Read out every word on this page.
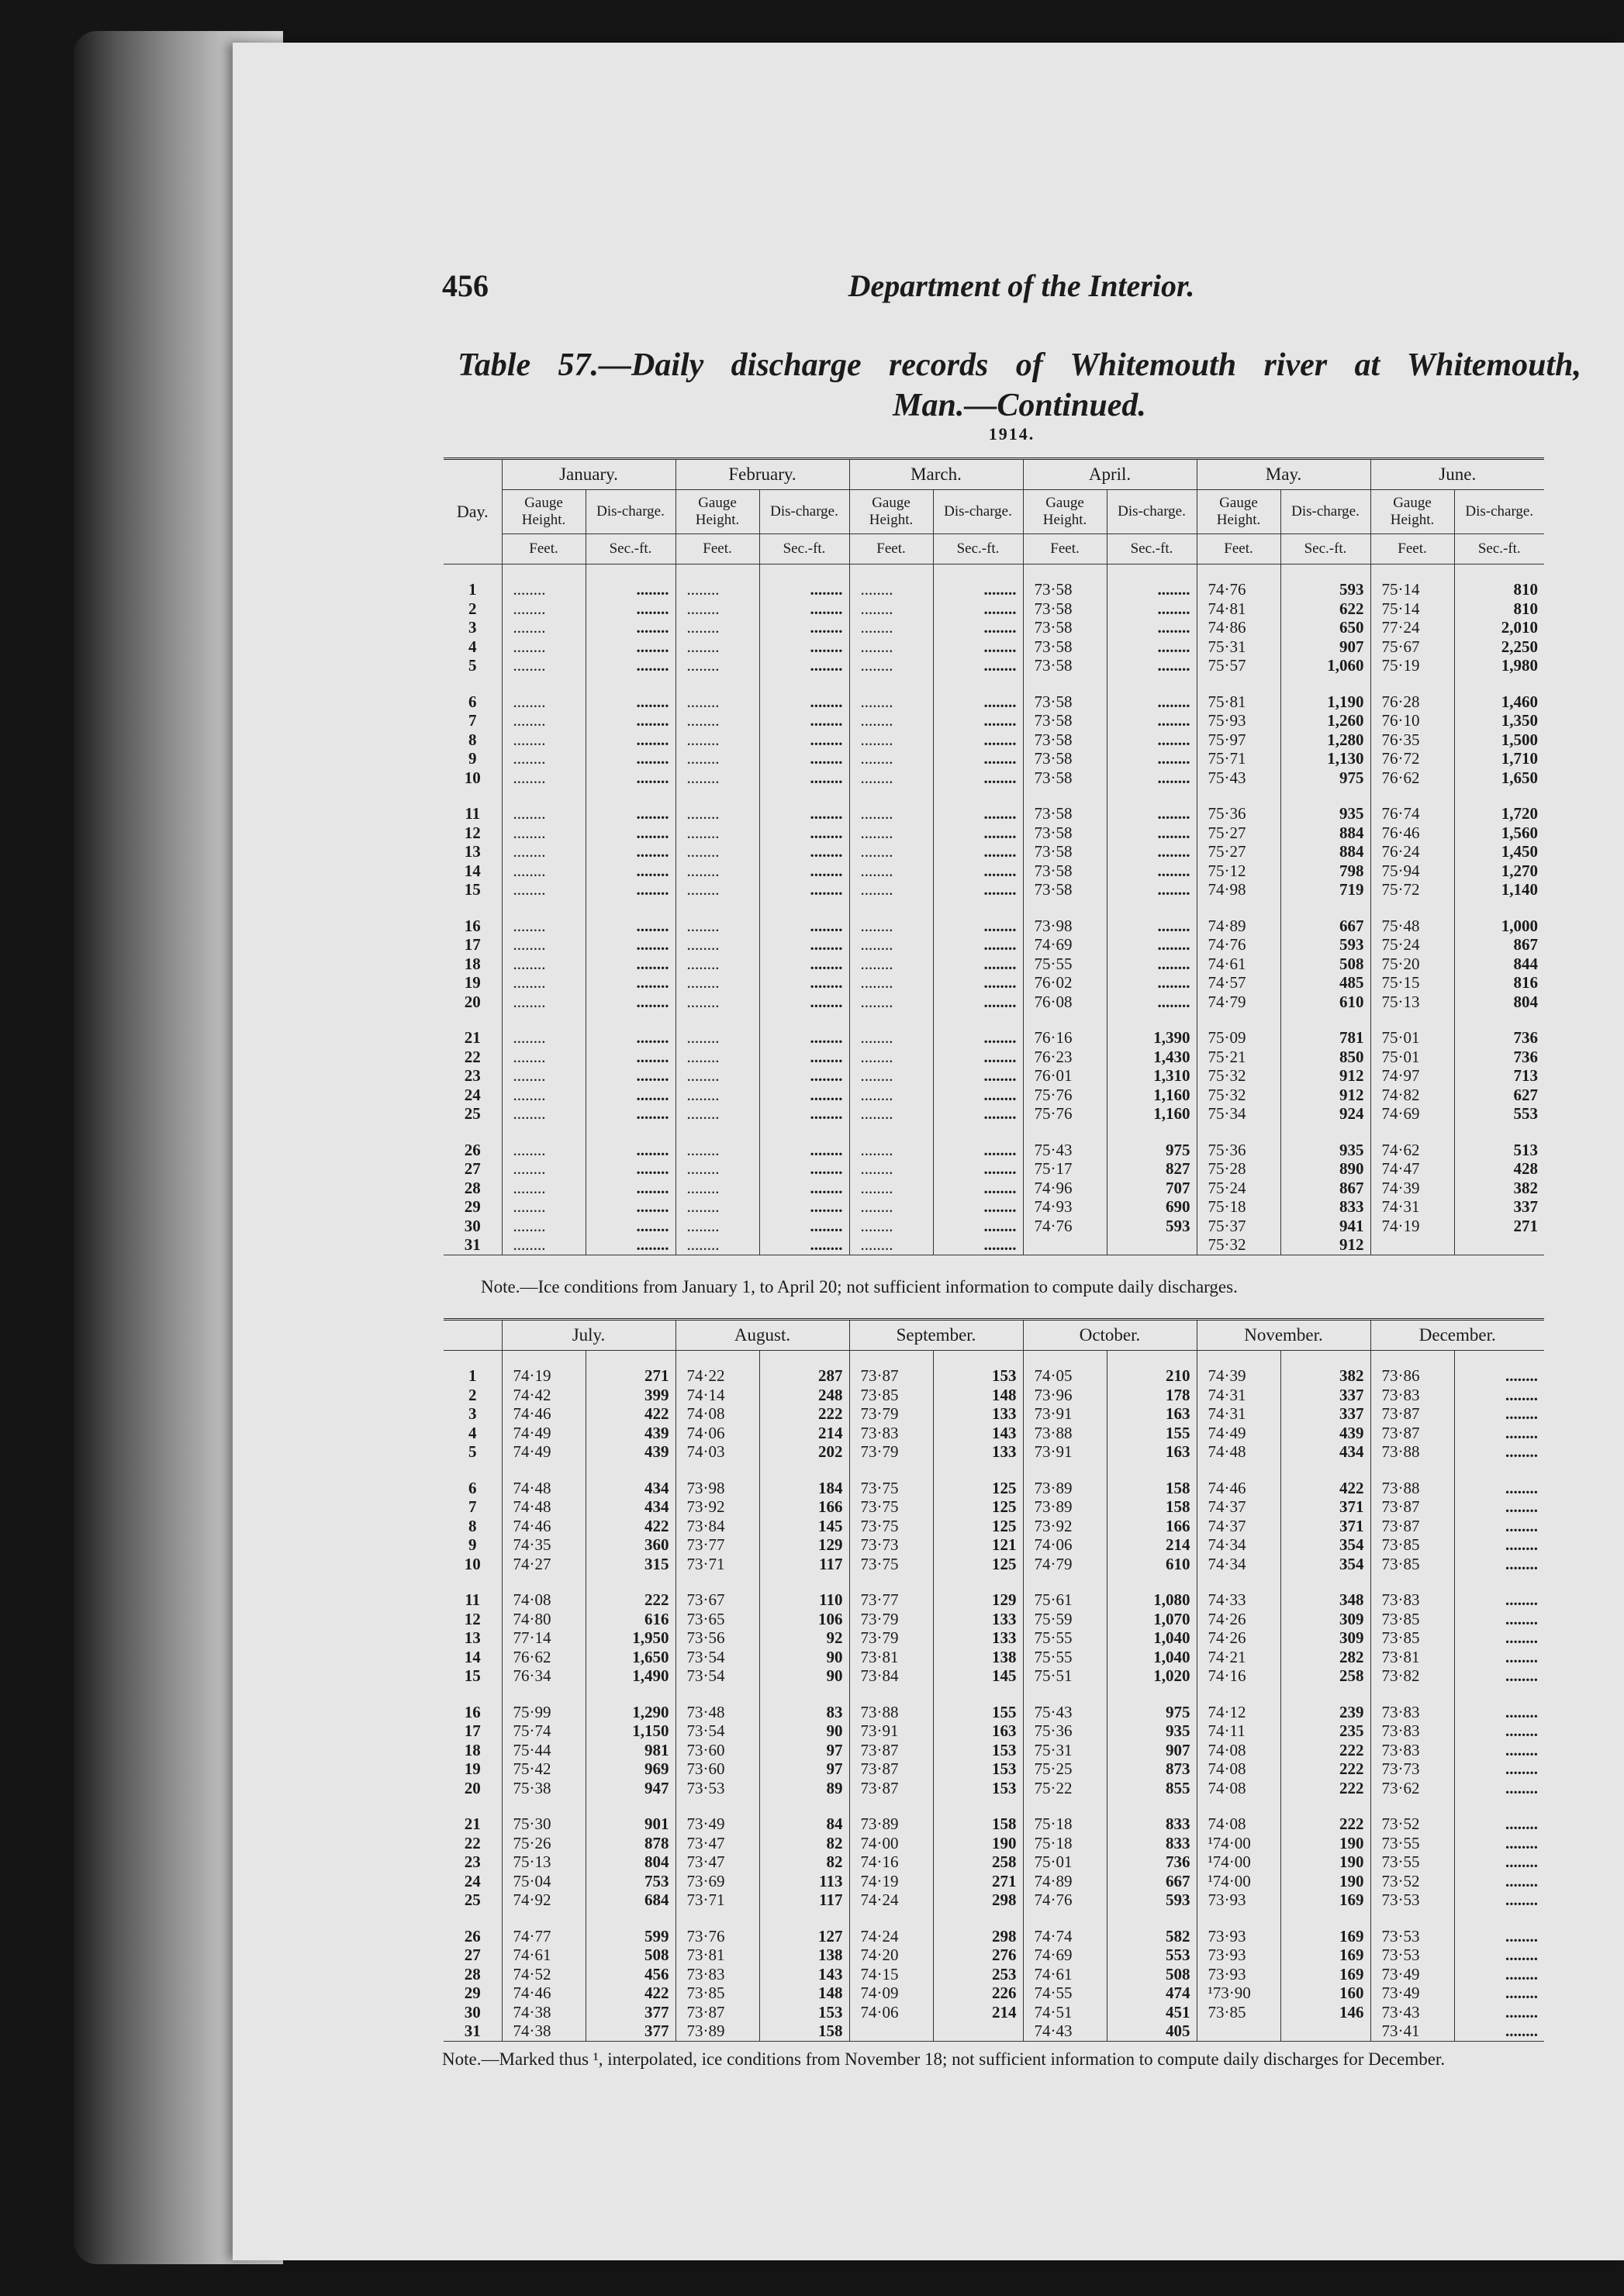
456	Department of the Interior.
Table 57.—Daily discharge records of Whitemouth river at Whitemouth,
Man.—Continued.
1914.
Day.	January.		February.		March.		April.		May.		June.	
	Gauge Height.	Dis-charge.	Gauge Height.	Dis-charge.	Gauge Height.	Dis-charge.	Gauge Height.	Dis-charge.	Gauge Height.	Dis-charge.	Gauge Height.	Dis-charge.
	Feet.	Sec.-ft.	Feet.	Sec.-ft.	Feet.	Sec.-ft.	Feet.	Sec.-ft.	Feet.	Sec.-ft.	Feet.	Sec.-ft.
1	........	........	........	........	........	........	73·58	........	74·76	593	75·14	810
2	........	........	........	........	........	........	73·58	........	74·81	622	75·14	810
3	........	........	........	........	........	........	73·58	........	74·86	650	77·24	2,010
4	........	........	........	........	........	........	73·58	........	75·31	907	75·67	2,250
5	........	........	........	........	........	........	73·58	........	75·57	1,060	75·19	1,980
6	........	........	........	........	........	........	73·58	........	75·81	1,190	76·28	1,460
7	........	........	........	........	........	........	73·58	........	75·93	1,260	76·10	1,350
8	........	........	........	........	........	........	73·58	........	75·97	1,280	76·35	1,500
9	........	........	........	........	........	........	73·58	........	75·71	1,130	76·72	1,710
10	........	........	........	........	........	........	73·58	........	75·43	975	76·62	1,650
11	........	........	........	........	........	........	73·58	........	75·36	935	76·74	1,720
12	........	........	........	........	........	........	73·58	........	75·27	884	76·46	1,560
13	........	........	........	........	........	........	73·58	........	75·27	884	76·24	1,450
14	........	........	........	........	........	........	73·58	........	75·12	798	75·94	1,270
15	........	........	........	........	........	........	73·58	........	74·98	719	75·72	1,140
16	........	........	........	........	........	........	73·98	........	74·89	667	75·48	1,000
17	........	........	........	........	........	........	74·69	........	74·76	593	75·24	867
18	........	........	........	........	........	........	75·55	........	74·61	508	75·20	844
19	........	........	........	........	........	........	76·02	........	74·57	485	75·15	816
20	........	........	........	........	........	........	76·08	........	74·79	610	75·13	804
21	........	........	........	........	........	........	76·16	1,390	75·09	781	75·01	736
22	........	........	........	........	........	........	76·23	1,430	75·21	850	75·01	736
23	........	........	........	........	........	........	76·01	1,310	75·32	912	74·97	713
24	........	........	........	........	........	........	75·76	1,160	75·32	912	74·82	627
25	........	........	........	........	........	........	75·76	1,160	75·34	924	74·69	553
26	........	........	........	........	........	........	75·43	975	75·36	935	74·62	513
27	........	........	........	........	........	........	75·17	827	75·28	890	74·47	428
28	........	........	........	........	........	........	74·96	707	75·24	867	74·39	382
29	........	........	........	........	........	........	74·93	690	75·18	833	74·31	337
30	........	........	........	........	........	........	74·76	593	75·37	941	74·19	271
31	........	........	........	........	........	........			75·32	912		
Note.—Ice conditions from January 1, to April 20; not sufficient information to compute daily discharges.
	July.		August.		September.		October.		November.		December.	
1	74·19	271	74·22	287	73·87	153	74·05	210	74·39	382	73·86	........
2	74·42	399	74·14	248	73·85	148	73·96	178	74·31	337	73·83	........
3	74·46	422	74·08	222	73·79	133	73·91	163	74·31	337	73·87	........
4	74·49	439	74·06	214	73·83	143	73·88	155	74·49	439	73·87	........
5	74·49	439	74·03	202	73·79	133	73·91	163	74·48	434	73·88	........
6	74·48	434	73·98	184	73·75	125	73·89	158	74·46	422	73·88	........
7	74·48	434	73·92	166	73·75	125	73·89	158	74·37	371	73·87	........
8	74·46	422	73·84	145	73·75	125	73·92	166	74·37	371	73·87	........
9	74·35	360	73·77	129	73·73	121	74·06	214	74·34	354	73·85	........
10	74·27	315	73·71	117	73·75	125	74·79	610	74·34	354	73·85	........
11	74·08	222	73·67	110	73·77	129	75·61	1,080	74·33	348	73·83	........
12	74·80	616	73·65	106	73·79	133	75·59	1,070	74·26	309	73·85	........
13	77·14	1,950	73·56	92	73·79	133	75·55	1,040	74·26	309	73·85	........
14	76·62	1,650	73·54	90	73·81	138	75·55	1,040	74·21	282	73·81	........
15	76·34	1,490	73·54	90	73·84	145	75·51	1,020	74·16	258	73·82	........
16	75·99	1,290	73·48	83	73·88	155	75·43	975	74·12	239	73·83	........
17	75·74	1,150	73·54	90	73·91	163	75·36	935	74·11	235	73·83	........
18	75·44	981	73·60	97	73·87	153	75·31	907	74·08	222	73·83	........
19	75·42	969	73·60	97	73·87	153	75·25	873	74·08	222	73·73	........
20	75·38	947	73·53	89	73·87	153	75·22	855	74·08	222	73·62	........
21	75·30	901	73·49	84	73·89	158	75·18	833	74·08	222	73·52	........
22	75·26	878	73·47	82	74·00	190	75·18	833	¹74·00	190	73·55	........
23	75·13	804	73·47	82	74·16	258	75·01	736	¹74·00	190	73·55	........
24	75·04	753	73·69	113	74·19	271	74·89	667	¹74·00	190	73·52	........
25	74·92	684	73·71	117	74·24	298	74·76	593	73·93	169	73·53	........
26	74·77	599	73·76	127	74·24	298	74·74	582	73·93	169	73·53	........
27	74·61	508	73·81	138	74·20	276	74·69	553	73·93	169	73·53	........
28	74·52	456	73·83	143	74·15	253	74·61	508	73·93	169	73·49	........
29	74·46	422	73·85	148	74·09	226	74·55	474	¹73·90	160	73·49	........
30	74·38	377	73·87	153	74·06	214	74·51	451	73·85	146	73·43	........
31	74·38	377	73·89	158			74·43	405			73·41	........
Note.—Marked thus ¹, interpolated, ice conditions from November 18; not sufficient information to compute daily discharges for December.
